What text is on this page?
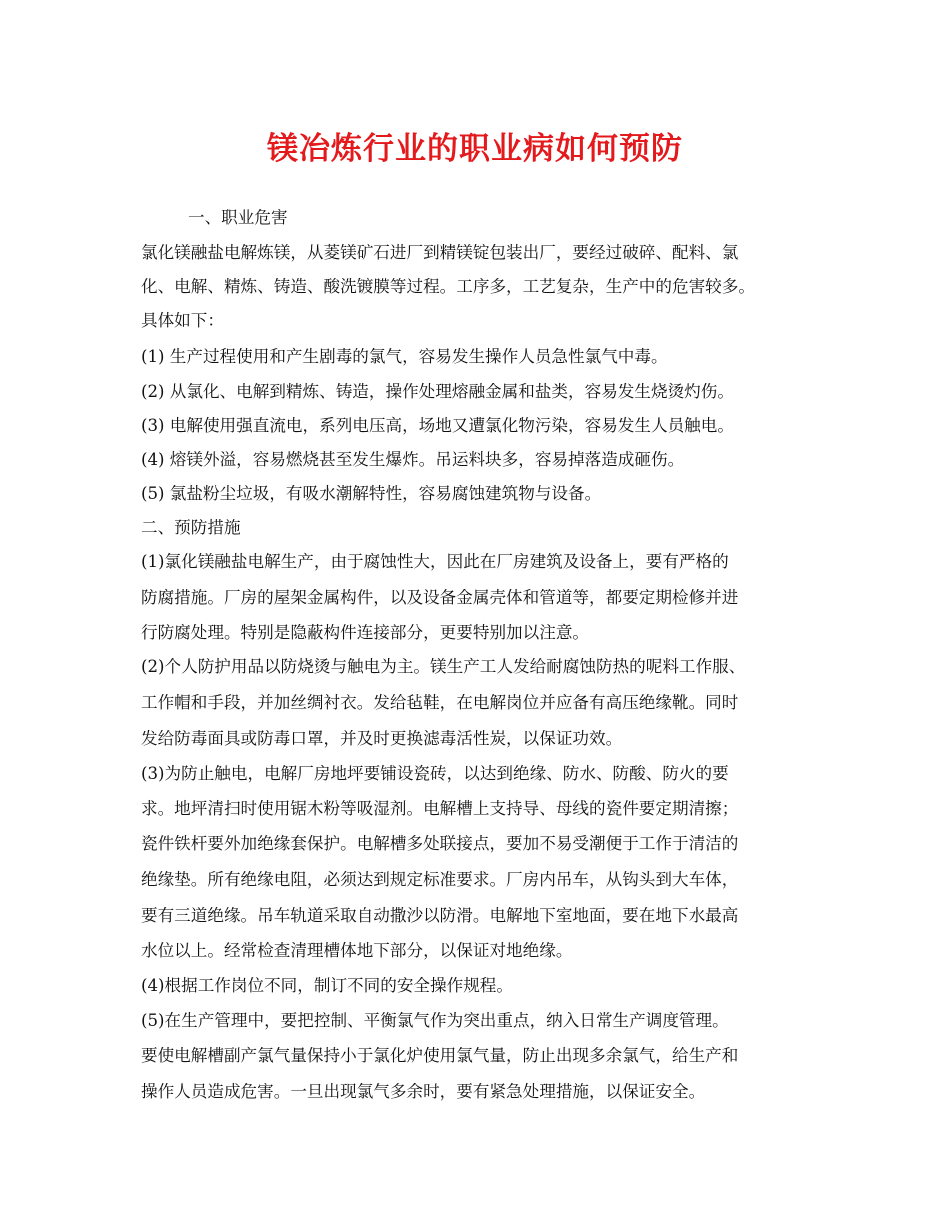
镁冶炼行业的职业病如何预防
一、职业危害
氯化镁融盐电解炼镁，从菱镁矿石进厂到精镁锭包装出厂，要经过破碎、配料、氯
化、电解、精炼、铸造、酸洗镀膜等过程。工序多，工艺复杂，生产中的危害较多。
具体如下：
(1) 生产过程使用和产生剧毒的氯气，容易发生操作人员急性氯气中毒。
(2) 从氯化、电解到精炼、铸造，操作处理熔融金属和盐类，容易发生烧烫灼伤。
(3) 电解使用强直流电，系列电压高，场地又遭氯化物污染，容易发生人员触电。
(4) 熔镁外溢，容易燃烧甚至发生爆炸。吊运料块多，容易掉落造成砸伤。
(5) 氯盐粉尘垃圾，有吸水潮解特性，容易腐蚀建筑物与设备。
二、预防措施
(1)氯化镁融盐电解生产，由于腐蚀性大，因此在厂房建筑及设备上，要有严格的
防腐措施。厂房的屋架金属构件，以及设备金属壳体和管道等，都要定期检修并进
行防腐处理。特别是隐蔽构件连接部分，更要特别加以注意。
(2)个人防护用品以防烧烫与触电为主。镁生产工人发给耐腐蚀防热的呢料工作服、
工作帽和手段，并加丝绸衬衣。发给毡鞋，在电解岗位并应备有高压绝缘靴。同时
发给防毒面具或防毒口罩，并及时更换滤毒活性炭，以保证功效。
(3)为防止触电，电解厂房地坪要铺设瓷砖，以达到绝缘、防水、防酸、防火的要
求。地坪清扫时使用锯木粉等吸湿剂。电解槽上支持导、母线的瓷件要定期清擦；
瓷件铁杆要外加绝缘套保护。电解槽多处联接点，要加不易受潮便于工作于清洁的
绝缘垫。所有绝缘电阻，必须达到规定标准要求。厂房内吊车，从钩头到大车体，
要有三道绝缘。吊车轨道采取自动撒沙以防滑。电解地下室地面，要在地下水最高
水位以上。经常检查清理槽体地下部分，以保证对地绝缘。
(4)根据工作岗位不同，制订不同的安全操作规程。
(5)在生产管理中，要把控制、平衡氯气作为突出重点，纳入日常生产调度管理。
要使电解槽副产氯气量保持小于氯化炉使用氯气量，防止出现多余氯气，给生产和
操作人员造成危害。一旦出现氯气多余时，要有紧急处理措施，以保证安全。
